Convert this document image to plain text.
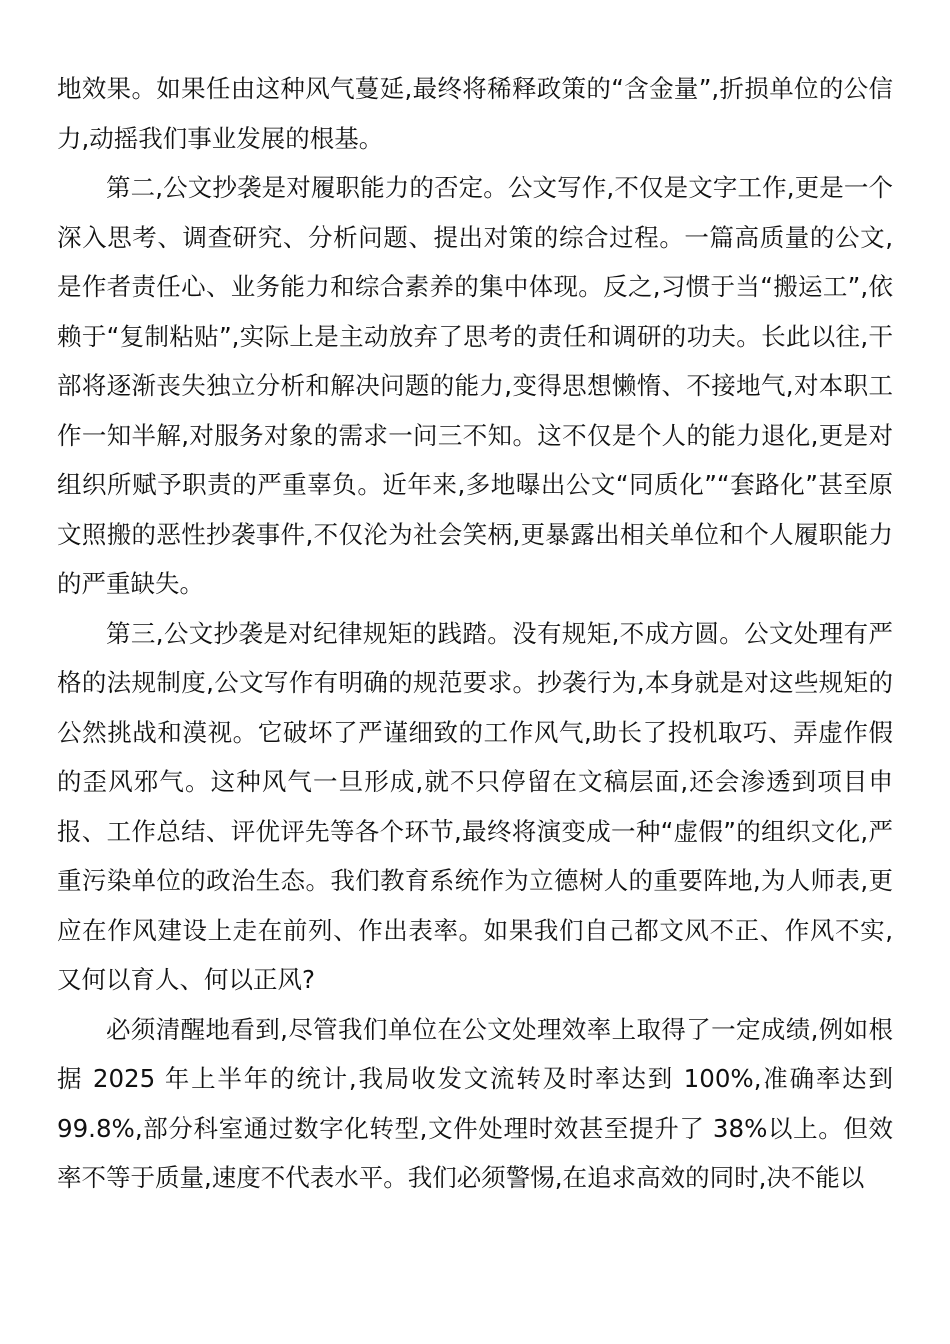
地效果。如果任由这种风气蔓延,最终将稀释政策的“含金量”,折损单位的公信力,动摇我们事业发展的根基。

第二,公文抄袭是对履职能力的否定。公文写作,不仅是文字工作,更是一个深入思考、调查研究、分析问题、提出对策的综合过程。一篇高质量的公文,是作者责任心、业务能力和综合素养的集中体现。反之,习惯于当“搬运工”,依赖于“复制粘贴”,实际上是主动放弃了思考的责任和调研的功夫。长此以往,干部将逐渐丧失独立分析和解决问题的能力,变得思想懒惰、不接地气,对本职工作一知半解,对服务对象的需求一问三不知。这不仅是个人的能力退化,更是对组织所赋予职责的严重辜负。近年来,多地曝出公文“同质化”“套路化”甚至原文照搬的恶性抄袭事件,不仅沦为社会笑柄,更暴露出相关单位和个人履职能力的严重缺失。

第三,公文抄袭是对纪律规矩的践踏。没有规矩,不成方圆。公文处理有严格的法规制度,公文写作有明确的规范要求。抄袭行为,本身就是对这些规矩的公然挑战和漠视。它破坏了严谨细致的工作风气,助长了投机取巧、弄虚作假的歪风邪气。这种风气一旦形成,就不只停留在文稿层面,还会渗透到项目申报、工作总结、评优评先等各个环节,最终将演变成一种“虚假”的组织文化,严重污染单位的政治生态。我们教育系统作为立德树人的重要阵地,为人师表,更应在作风建设上走在前列、作出表率。如果我们自己都文风不正、作风不实,又何以育人、何以正风?

必须清醒地看到,尽管我们单位在公文处理效率上取得了一定成绩,例如根据 2025 年上半年的统计,我局收发文流转及时率达到 100%,准确率达到 99.8%,部分科室通过数字化转型,文件处理时效甚至提升了 38%以上。但效率不等于质量,速度不代表水平。我们必须警惕,在追求高效的同时,决不能以
